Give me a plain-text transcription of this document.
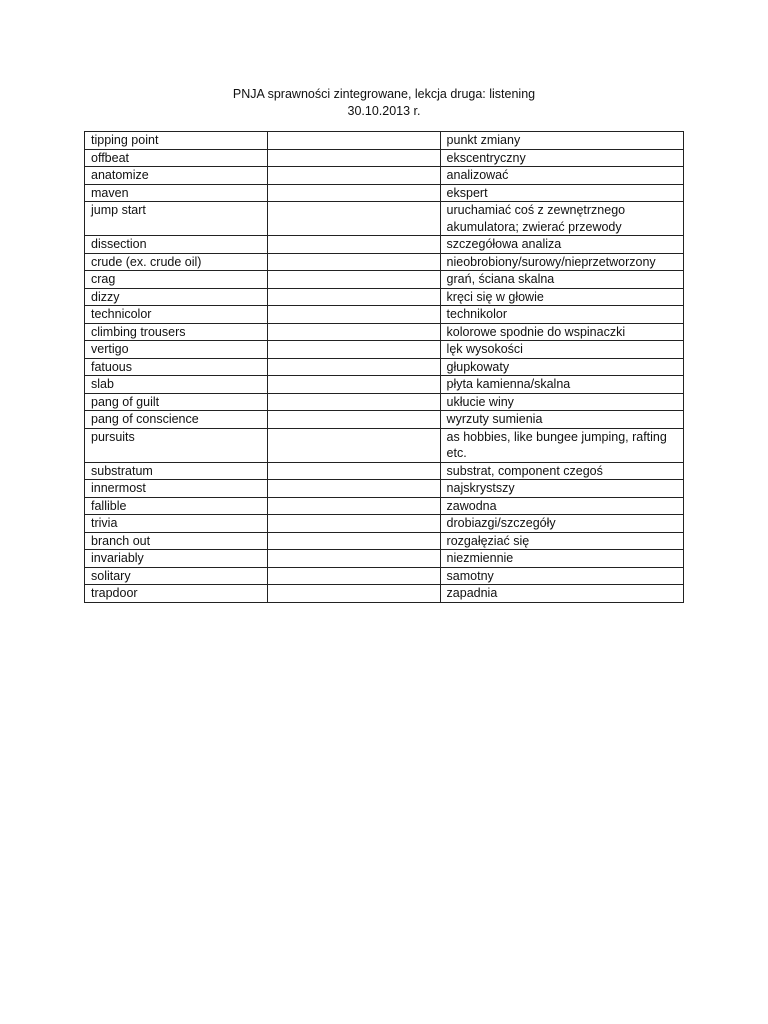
PNJA sprawności zintegrowane, lekcja druga: listening
30.10.2013 r.
tipping point		punkt zmiany
offbeat		ekscentryczny
anatomize		analizować
maven		ekspert
jump start		uruchamiać coś z zewnętrznego akumulatora; zwierać przewody
dissection		szczegółowa analiza
crude (ex. crude oil)		nieobrobiony/surowy/nieprzetworzony
crag		grań, ściana skalna
dizzy		kręci się w głowie
technicolor		technikolor
climbing trousers		kolorowe spodnie do wspinaczki
vertigo		lęk wysokości
fatuous		głupkowaty
slab		płyta kamienna/skalna
pang of guilt		ukłucie winy
pang of conscience		wyrzuty sumienia
pursuits		as hobbies, like bungee jumping, rafting etc.
substratum		substrat, component czegoś
innermost		najskrystszy
fallible		zawodna
trivia		drobiazgi/szczegóły
branch out		rozgałęziać się
invariably		niezmiennie
solitary		samotny
trapdoor		zapadnia
